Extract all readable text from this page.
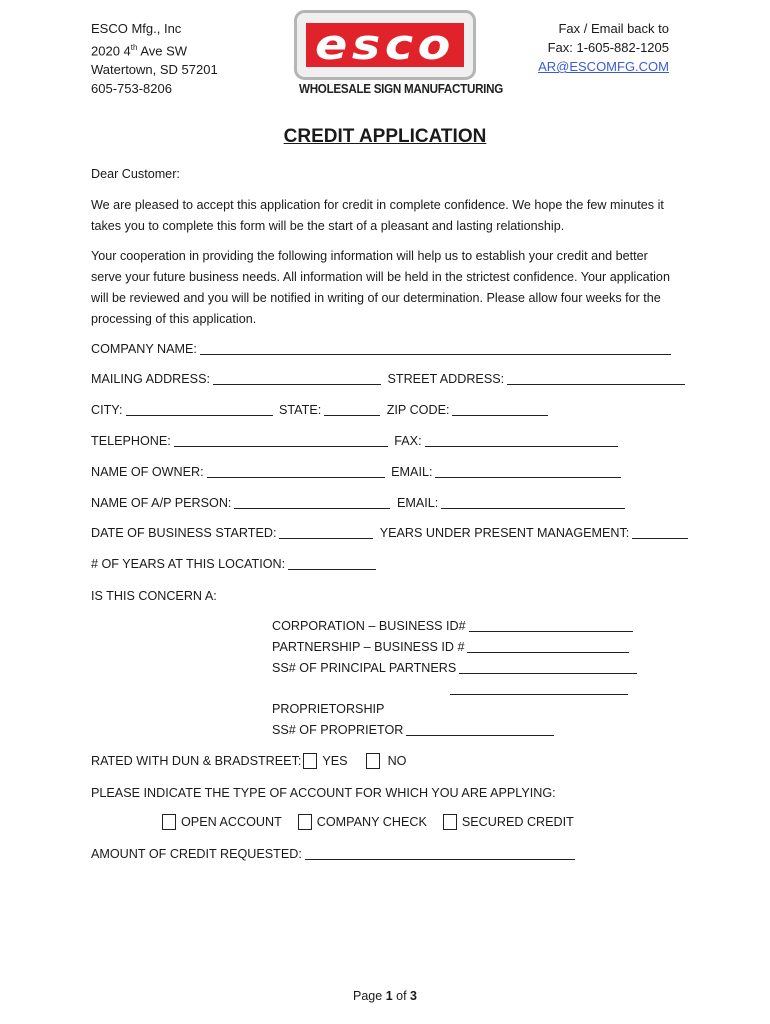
ESCO Mfg., Inc
2020 4th Ave SW
Watertown, SD 57201
605-753-8206
esco
WHOLESALE SIGN MANUFACTURING
Fax / Email back to
Fax: 1-605-882-1205
AR@ESCOMFG.COM
CREDIT APPLICATION
Dear Customer:
We are pleased to accept this application for credit in complete confidence. We hope the few minutes it takes you to complete this form will be the start of a pleasant and lasting relationship.
Your cooperation in providing the following information will help us to establish your credit and better serve your future business needs. All information will be held in the strictest confidence. Your application will be reviewed and you will be notified in writing of our determination. Please allow four weeks for the processing of this application.
COMPANY NAME:
MAILING ADDRESS:	STREET ADDRESS:
CITY:	STATE:	ZIP CODE:
TELEPHONE:	FAX:
NAME OF OWNER:	EMAIL:
NAME OF A/P PERSON:	EMAIL:
DATE OF BUSINESS STARTED:	YEARS UNDER PRESENT MANAGEMENT:
# OF YEARS AT THIS LOCATION:
IS THIS CONCERN A:
CORPORATION – BUSINESS ID#
PARTNERSHIP – BUSINESS ID #
SS# OF PRINCIPAL PARTNERS
PROPRIETORSHIP
SS# OF PROPRIETOR
RATED WITH DUN & BRADSTREET: YES	NO
PLEASE INDICATE THE TYPE OF ACCOUNT FOR WHICH YOU ARE APPLYING:
OPEN ACCOUNT	COMPANY CHECK	SECURED CREDIT
AMOUNT OF CREDIT REQUESTED:
Page 1 of 3
